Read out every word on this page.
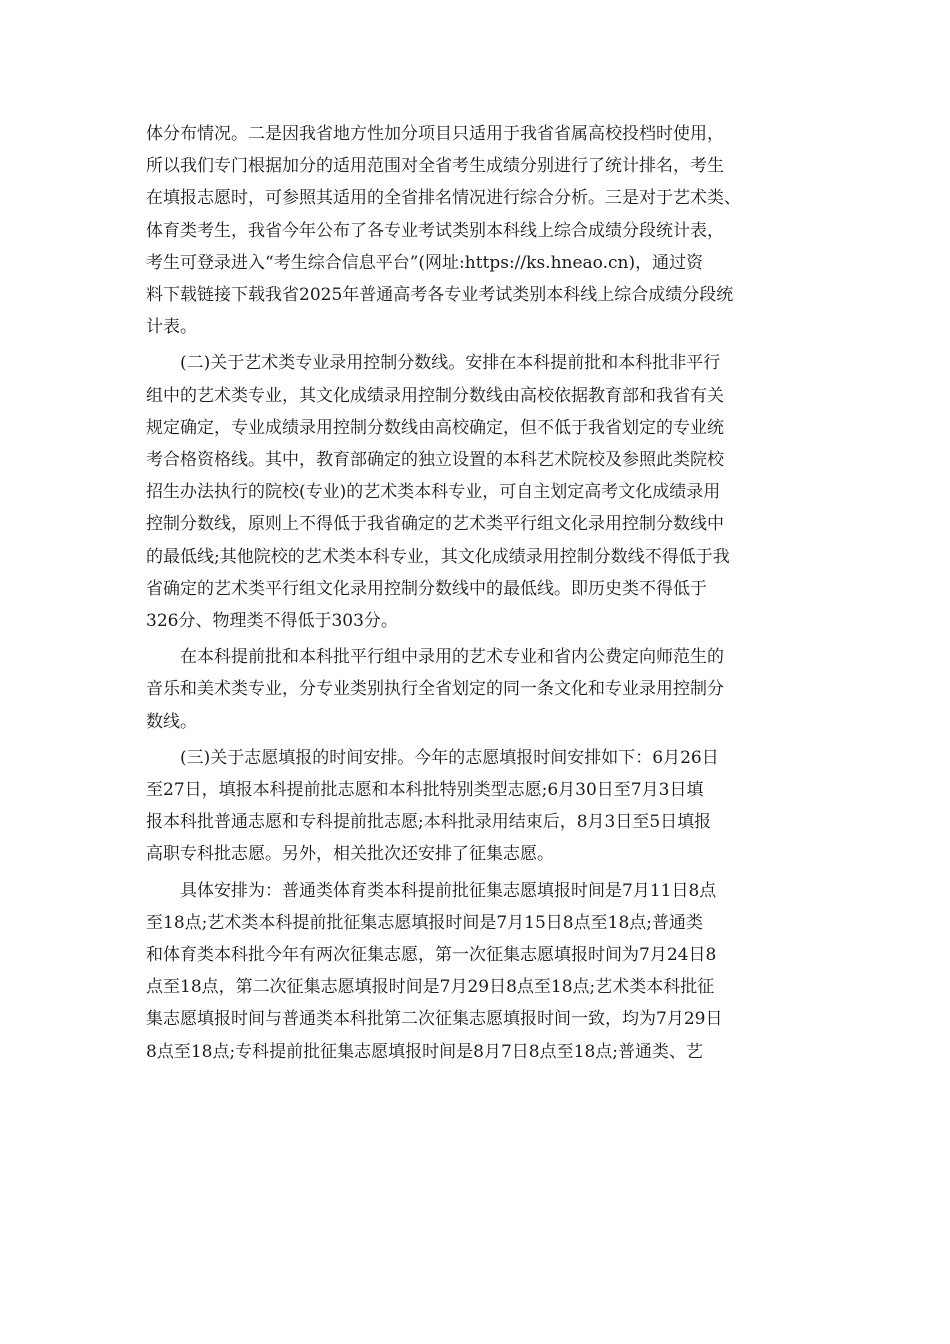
体分布情况。二是因我省地方性加分项目只适用于我省省属高校投档时使用，
所以我们专门根据加分的适用范围对全省考生成绩分别进行了统计排名，考生
在填报志愿时，可参照其适用的全省排名情况进行综合分析。三是对于艺术类、
体育类考生，我省今年公布了各专业考试类别本科线上综合成绩分段统计表，
考生可登录进入“考生综合信息平台”(网址:https://ks.hneao.cn)，通过资
料下载链接下载我省2025年普通高考各专业考试类别本科线上综合成绩分段统
计表。

(二)关于艺术类专业录用控制分数线。安排在本科提前批和本科批非平行
组中的艺术类专业，其文化成绩录用控制分数线由高校依据教育部和我省有关
规定确定，专业成绩录用控制分数线由高校确定，但不低于我省划定的专业统
考合格资格线。其中，教育部确定的独立设置的本科艺术院校及参照此类院校
招生办法执行的院校(专业)的艺术类本科专业，可自主划定高考文化成绩录用
控制分数线，原则上不得低于我省确定的艺术类平行组文化录用控制分数线中
的最低线;其他院校的艺术类本科专业，其文化成绩录用控制分数线不得低于我
省确定的艺术类平行组文化录用控制分数线中的最低线。即历史类不得低于
326分、物理类不得低于303分。

在本科提前批和本科批平行组中录用的艺术专业和省内公费定向师范生的
音乐和美术类专业，分专业类别执行全省划定的同一条文化和专业录用控制分
数线。

(三)关于志愿填报的时间安排。今年的志愿填报时间安排如下：6月26日
至27日，填报本科提前批志愿和本科批特别类型志愿;6月30日至7月3日填
报本科批普通志愿和专科提前批志愿;本科批录用结束后，8月3日至5日填报
高职专科批志愿。另外，相关批次还安排了征集志愿。

具体安排为：普通类体育类本科提前批征集志愿填报时间是7月11日8点
至18点;艺术类本科提前批征集志愿填报时间是7月15日8点至18点;普通类
和体育类本科批今年有两次征集志愿，第一次征集志愿填报时间为7月24日8
点至18点，第二次征集志愿填报时间是7月29日8点至18点;艺术类本科批征
集志愿填报时间与普通类本科批第二次征集志愿填报时间一致，均为7月29日
8点至18点;专科提前批征集志愿填报时间是8月7日8点至18点;普通类、艺
